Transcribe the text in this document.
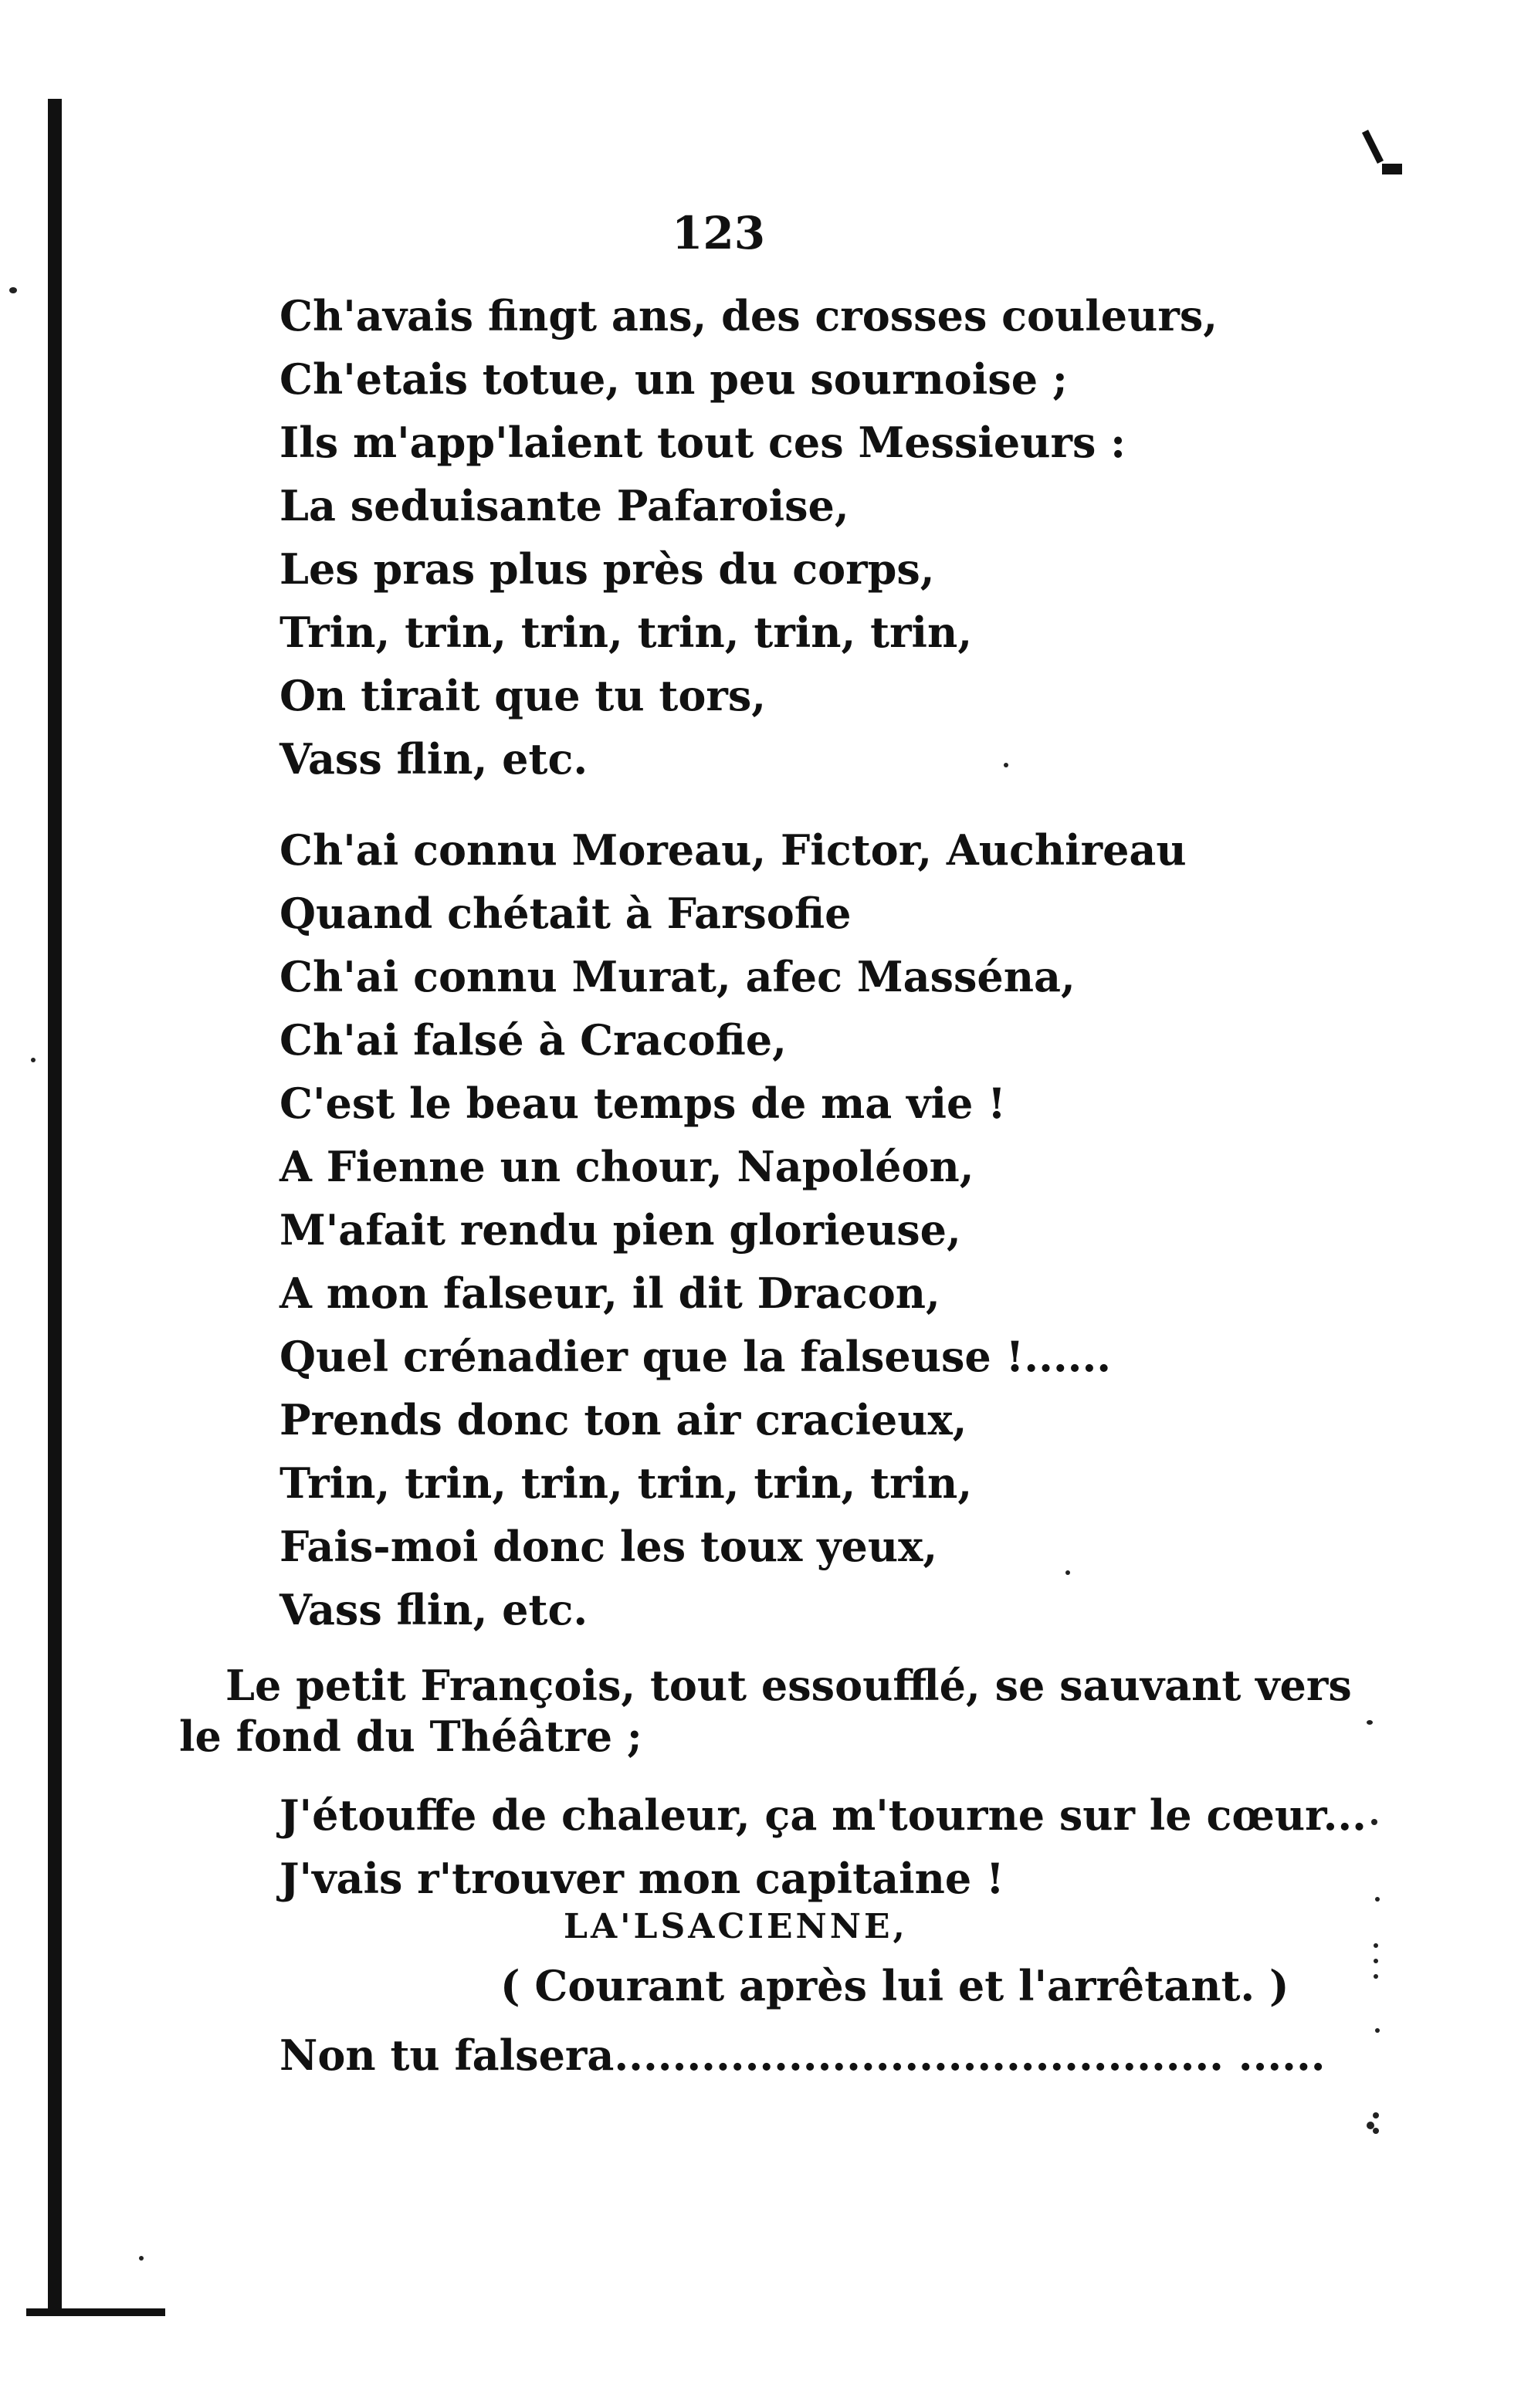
123
Ch'avais fingt ans, des crosses couleurs,
Ch'etais totue, un peu sournoise ;
Ils m'app'laient tout ces Messieurs :
La seduisante Pafaroise,
Les pras plus près du corps,
Trin, trin, trin, trin, trin, trin,
On tirait que tu tors,
Vass flin, etc.
Ch'ai connu Moreau, Fictor, Auchireau
Quand chétait à Farsofie
Ch'ai connu Murat, afec Masséna,
Ch'ai falsé à Cracofie,
C'est le beau temps de ma vie !
A Fienne un chour, Napoléon,
M'afait rendu pien glorieuse,
A mon falseur, il dit Dracon,
Quel crénadier que la falseuse !......
Prends donc ton air cracieux,
Trin, trin, trin, trin, trin, trin,
Fais-moi donc les toux yeux,
Vass flin, etc.
Le petit François, tout essoufflé, se sauvant vers
le fond du Théâtre ;
J'étouffe de chaleur, ça m'tourne sur le cœur...
J'vais r'trouver mon capitaine !
LA'LSACIENNE,
( Courant après lui et l'arrêtant. )
Non tu falsera.......................................... ......
